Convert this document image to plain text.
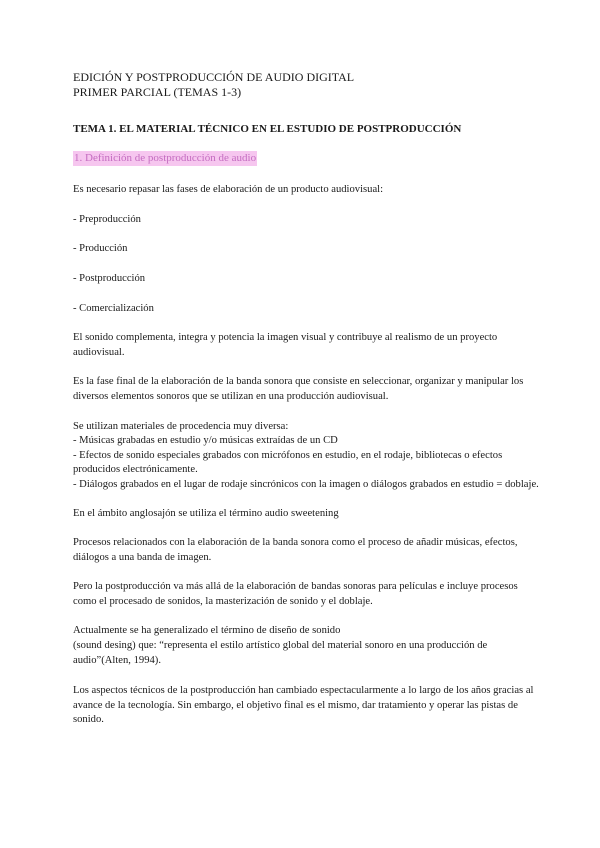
EDICIÓN Y POSTPRODUCCIÓN DE AUDIO DIGITAL

PRIMER PARCIAL (TEMAS 1-3)

TEMA 1. EL MATERIAL TÉCNICO EN EL ESTUDIO DE POSTPRODUCCIÓN

1. Definición de postproducción de audio

Es necesario repasar las fases de elaboración de un producto audiovisual:

- Preproducción

- Producción

- Postproducción

- Comercialización

El sonido complementa, integra y potencia la imagen visual y contribuye al realismo de un proyecto audiovisual.

Es la fase final de la elaboración de la banda sonora que consiste en seleccionar, organizar y manipular los diversos elementos sonoros que se utilizan en una producción audiovisual.

Se utilizan materiales de procedencia muy diversa:

- Músicas grabadas en estudio y/o músicas extraídas de un CD

- Efectos de sonido especiales grabados con micrófonos en estudio, en el rodaje, bibliotecas o efectos producidos electrónicamente.

- Diálogos grabados en el lugar de rodaje sincrónicos con la imagen o diálogos grabados en estudio = doblaje.

En el ámbito anglosajón se utiliza el término audio sweetening

Procesos relacionados con la elaboración de la banda sonora como el proceso de añadir músicas, efectos, diálogos a una banda de imagen.

Pero la postproducción va más allá de la elaboración de bandas sonoras para películas e incluye procesos como el procesado de sonidos, la masterización de sonido y el doblaje.

Actualmente se ha generalizado el término de diseño de sonido

(sound desing) que: “representa el estilo artístico global del material sonoro en una producción de audio”(Alten, 1994).

Los aspectos técnicos de la postproducción han cambiado espectacularmente a lo largo de los años gracias al avance de la tecnología. Sin embargo, el objetivo final es el mismo, dar tratamiento y operar las pistas de sonido.
